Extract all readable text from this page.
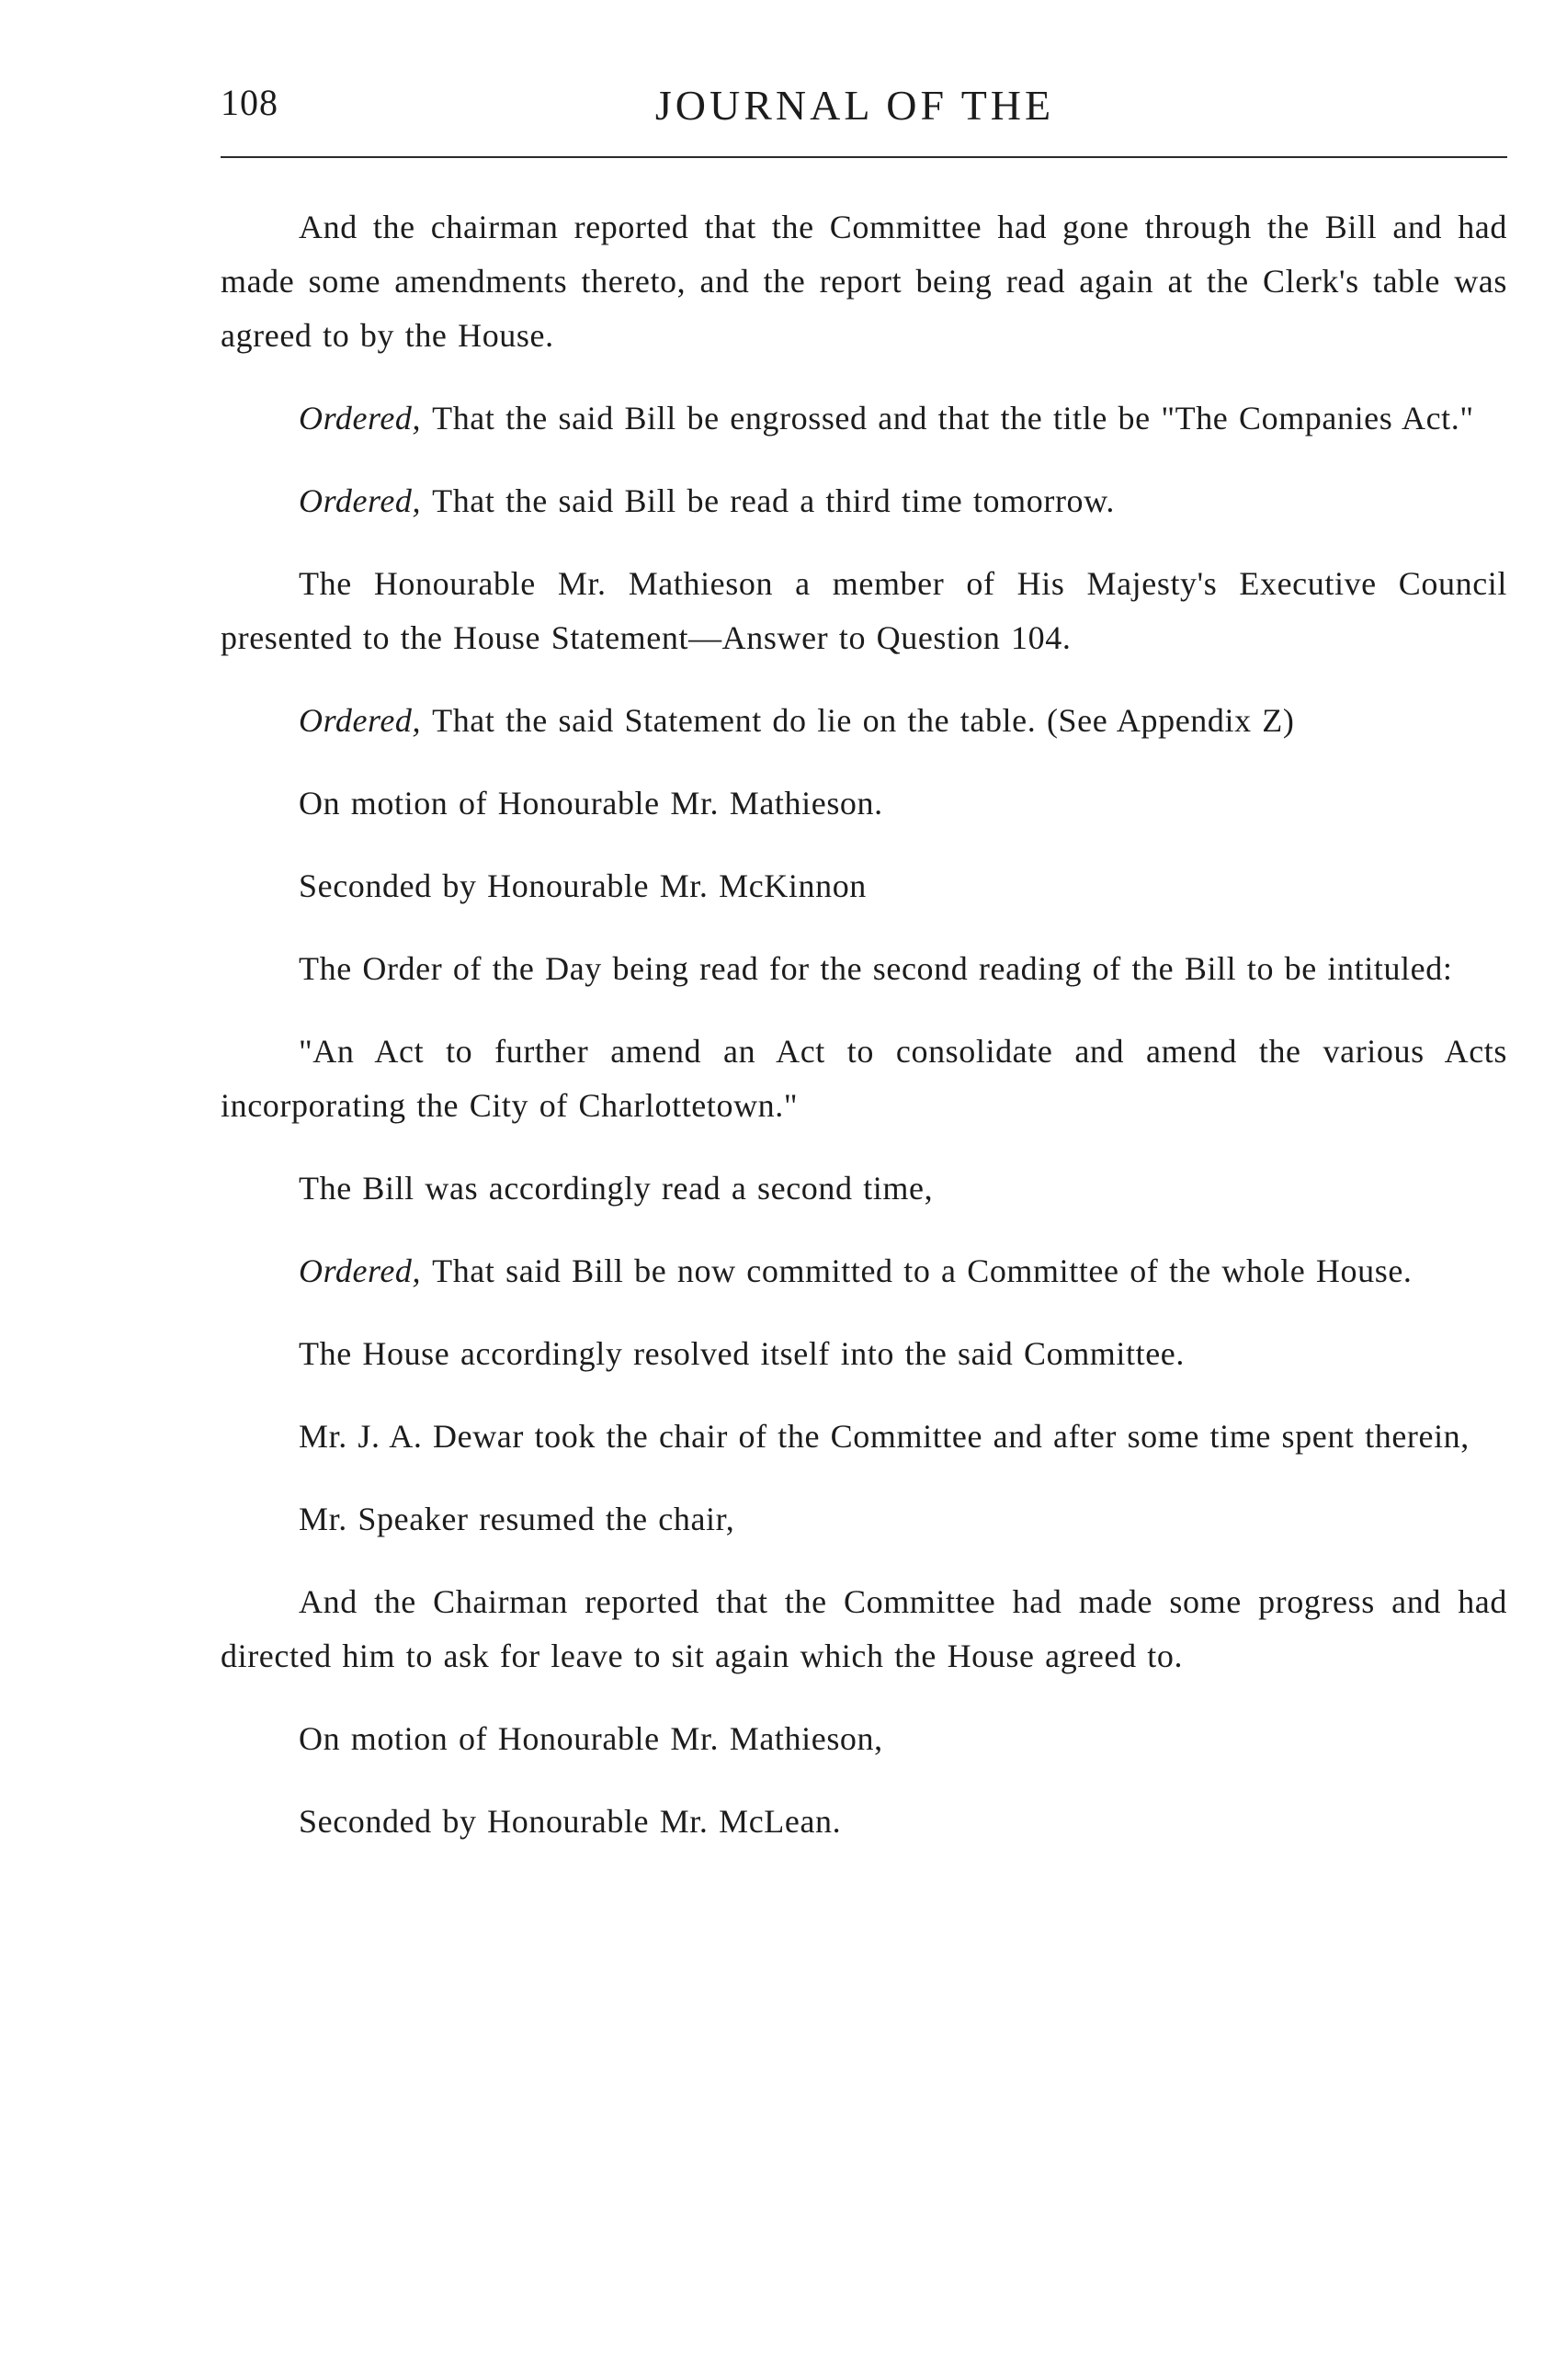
108	JOURNAL OF THE

And the chairman reported that the Committee had gone through the Bill and had made some amendments thereto, and the report being read again at the Clerk's table was agreed to by the House.

Ordered, That the said Bill be engrossed and that the title be "The Companies Act."

Ordered, That the said Bill be read a third time tomorrow.

The Honourable Mr. Mathieson a member of His Majesty's Executive Council presented to the House Statement—Answer to Question 104.

Ordered, That the said Statement do lie on the table. (See Appendix Z)

On motion of Honourable Mr. Mathieson.

Seconded by Honourable Mr. McKinnon

The Order of the Day being read for the second reading of the Bill to be intituled:

"An Act to further amend an Act to consolidate and amend the various Acts incorporating the City of Charlottetown."

The Bill was accordingly read a second time,

Ordered, That said Bill be now committed to a Committee of the whole House.

The House accordingly resolved itself into the said Committee.

Mr. J. A. Dewar took the chair of the Committee and after some time spent therein,

Mr. Speaker resumed the chair,

And the Chairman reported that the Committee had made some progress and had directed him to ask for leave to sit again which the House agreed to.

On motion of Honourable Mr. Mathieson,

Seconded by Honourable Mr. McLean.
